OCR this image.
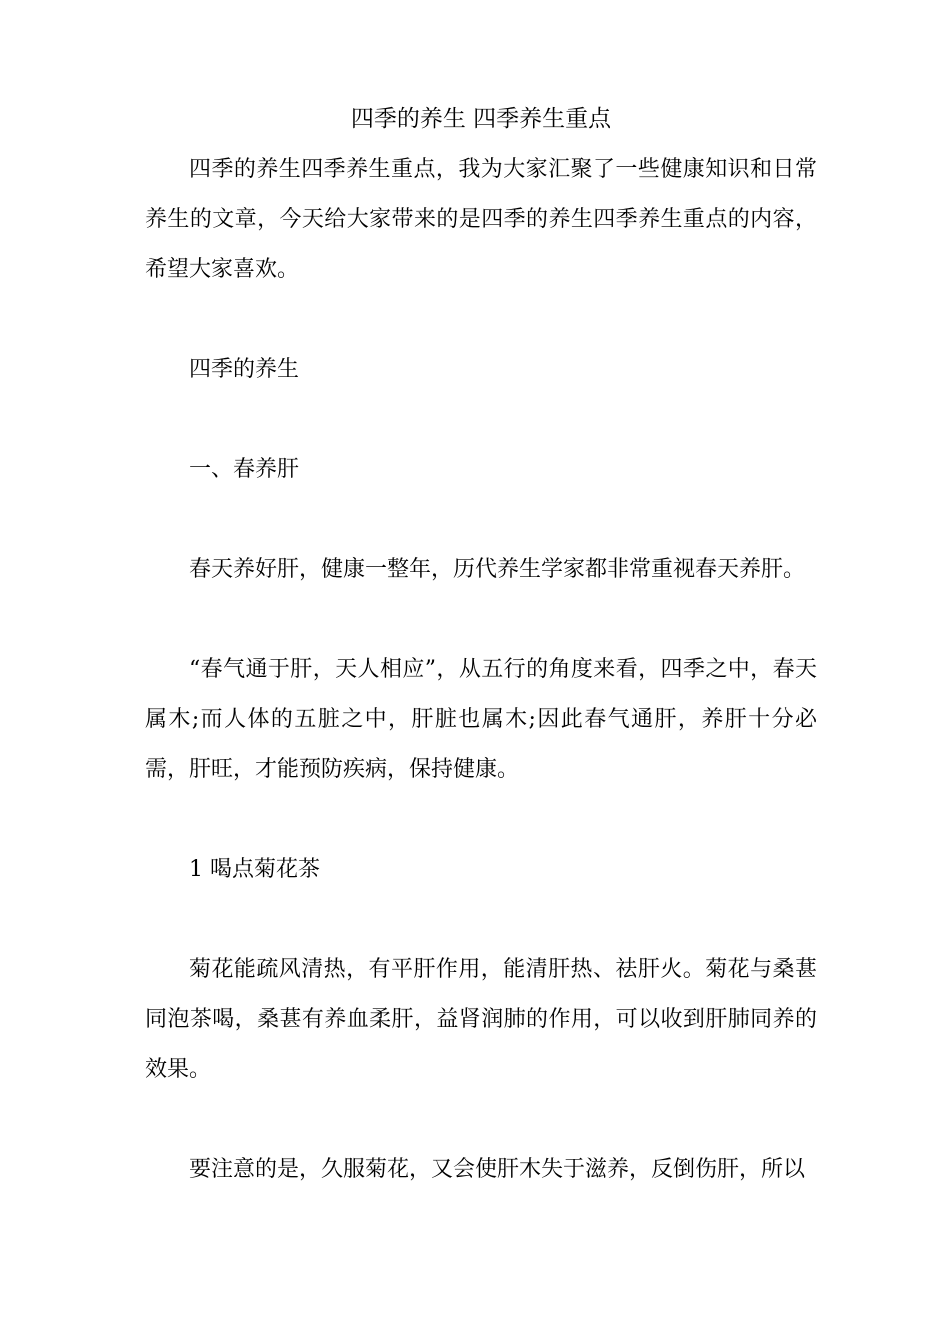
四季的养生 四季养生重点

四季的养生四季养生重点，我为大家汇聚了一些健康知识和日常养生的文章，今天给大家带来的是四季的养生四季养生重点的内容，希望大家喜欢。

四季的养生

一、春养肝

春天养好肝，健康一整年，历代养生学家都非常重视春天养肝。

“春气通于肝，天人相应”，从五行的角度来看，四季之中，春天属木;而人体的五脏之中，肝脏也属木;因此春气通肝，养肝十分必需，肝旺，才能预防疾病，保持健康。

1 喝点菊花茶

菊花能疏风清热，有平肝作用，能清肝热、祛肝火。菊花与桑葚同泡茶喝，桑葚有养血柔肝，益肾润肺的作用，可以收到肝肺同养的效果。

要注意的是，久服菊花，又会使肝木失于滋养，反倒伤肝，所以
